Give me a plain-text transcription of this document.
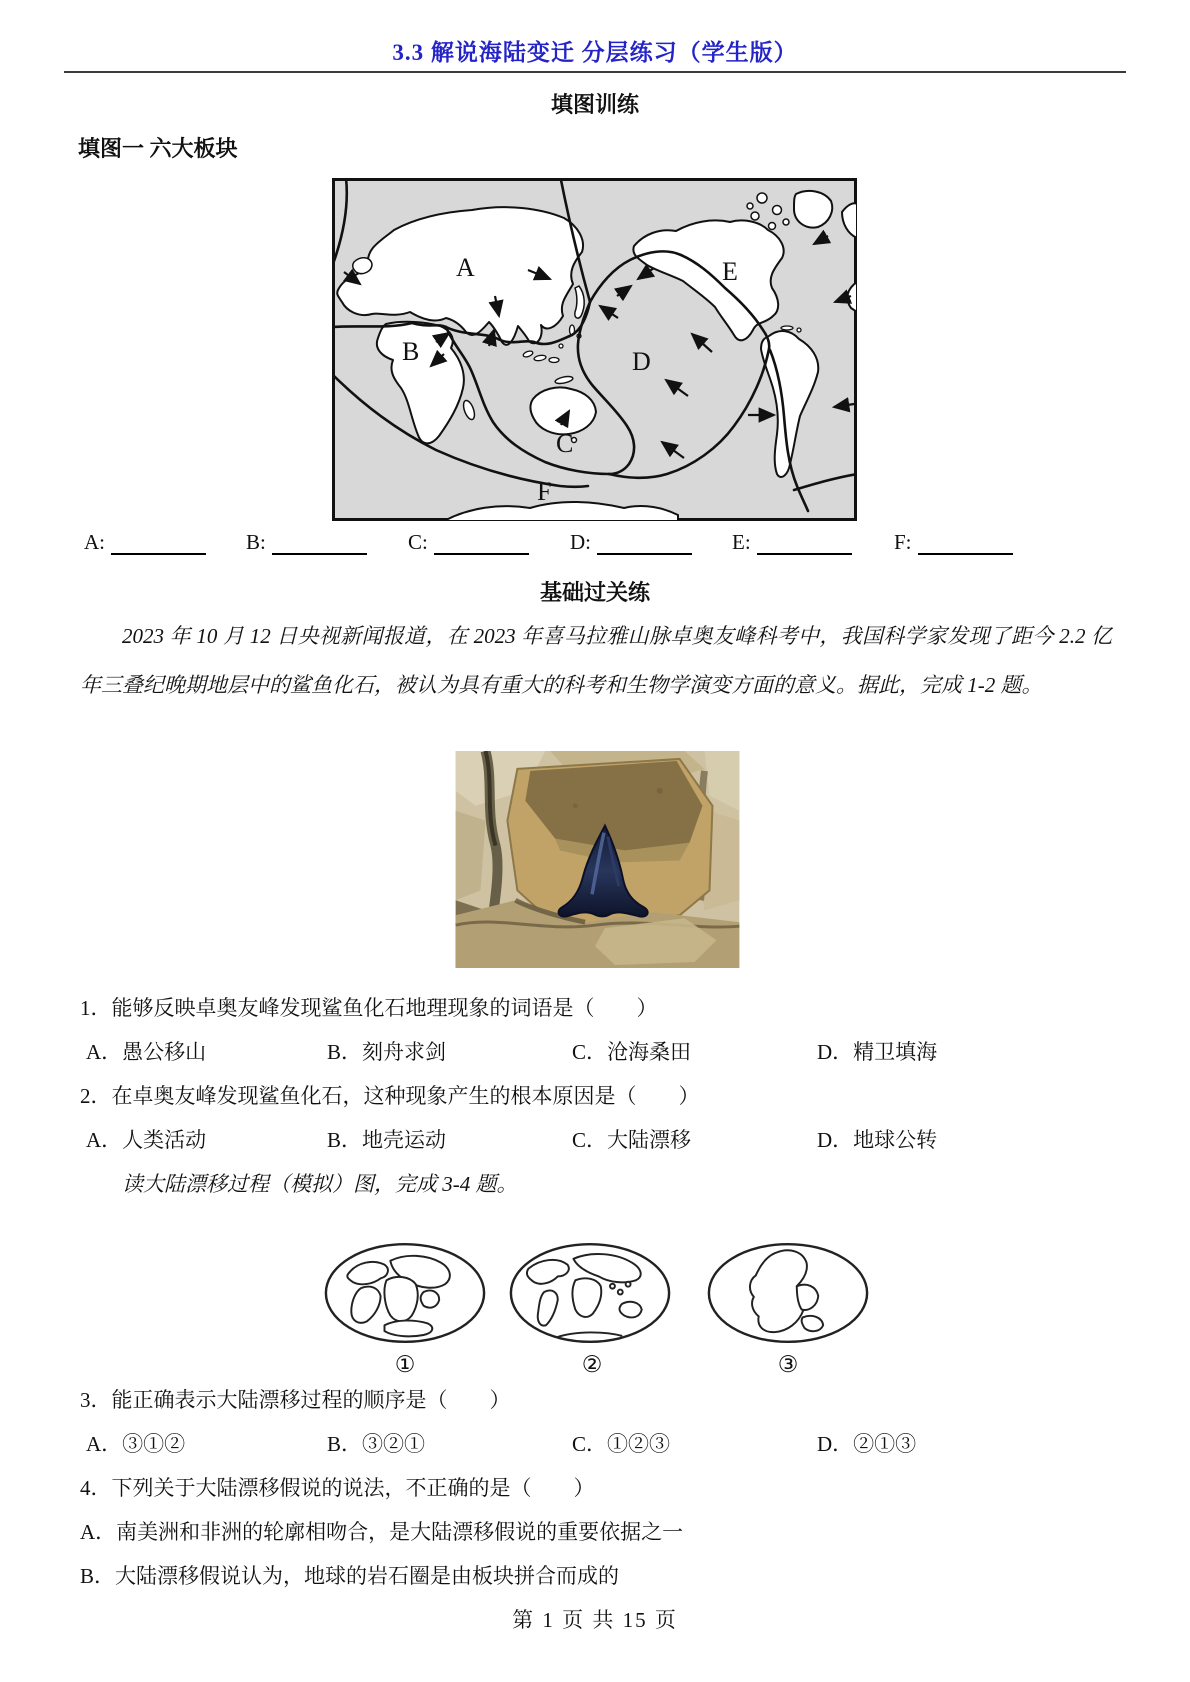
3.3 解说海陆变迁 分层练习（学生版）
填图训练
填图一 六大板块
A
B
C
D
E
F
A:	B:	C:	D:	E:	F:
基础过关练
2023 年 10 月 12 日央视新闻报道，在 2023 年喜马拉雅山脉卓奥友峰科考中，我国科学家发现了距今 2.2 亿年三叠纪晚期地层中的鲨鱼化石，被认为具有重大的科考和生物学演变方面的意义。据此，完成 1-2 题。
1．能够反映卓奥友峰发现鲨鱼化石地理现象的词语是（　　）
A．愚公移山	B．刻舟求剑	C．沧海桑田	D．精卫填海
2．在卓奥友峰发现鲨鱼化石，这种现象产生的根本原因是（　　）
A．人类活动	B．地壳运动	C．大陆漂移	D．地球公转
读大陆漂移过程（模拟）图，完成 3-4 题。
①	②	③
3．能正确表示大陆漂移过程的顺序是（　　）
A．③①②	B．③②①	C．①②③	D．②①③
4．下列关于大陆漂移假说的说法，不正确的是（　　）
A．南美洲和非洲的轮廓相吻合，是大陆漂移假说的重要依据之一
B．大陆漂移假说认为，地球的岩石圈是由板块拼合而成的
第 1 页 共 15 页
